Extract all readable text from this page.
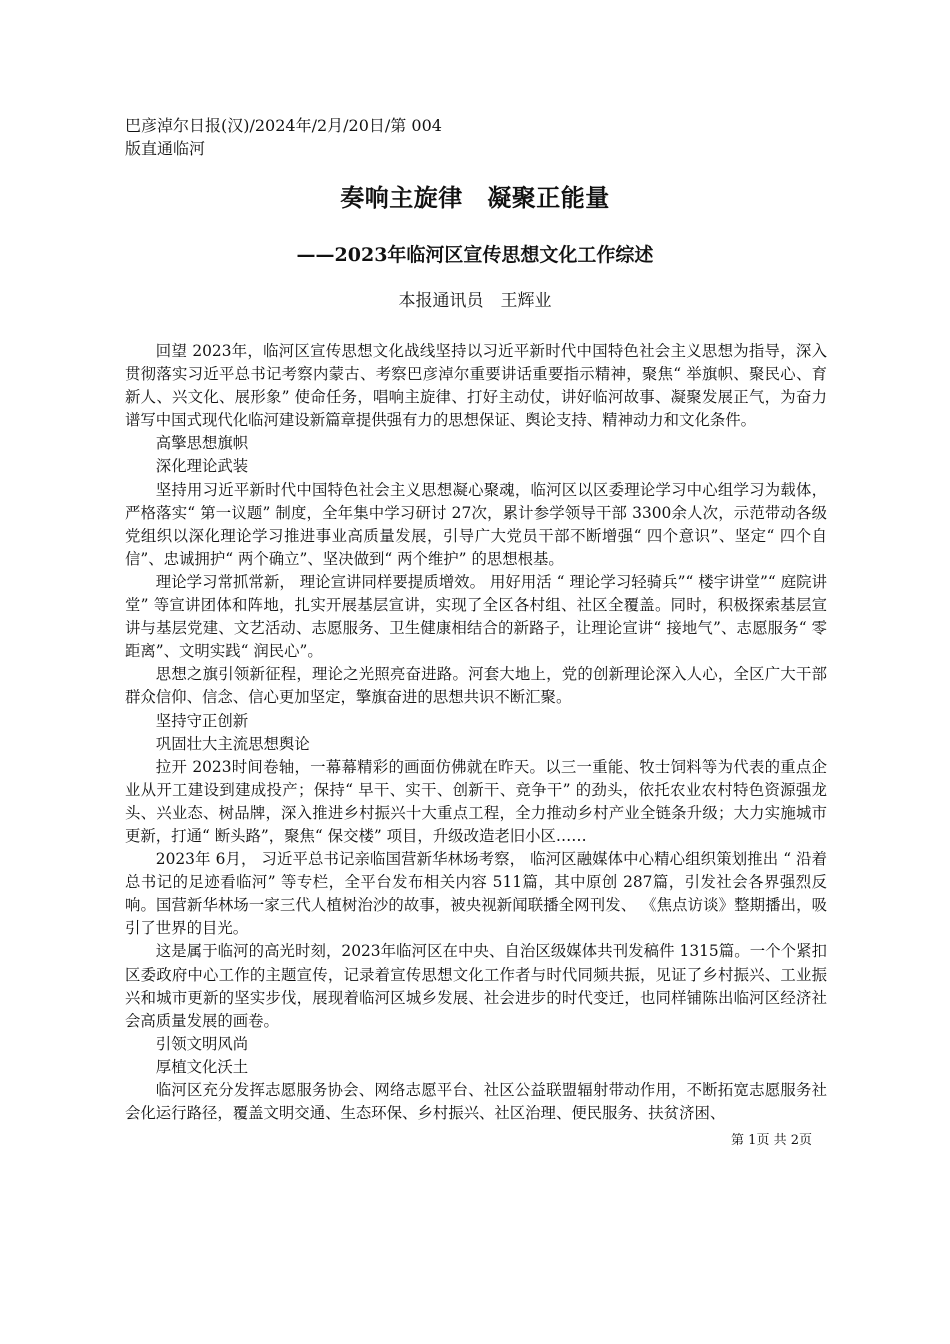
巴彦淖尔日报(汉)/2024年/2月/20日/第 004
版直通临河
奏响主旋律　凝聚正能量
——2023年临河区宣传思想文化工作综述
本报通讯员　王辉业

回望 2023年，临河区宣传思想文化战线坚持以习近平新时代中国特色社会主义思想为指导，深入贯彻落实习近平总书记考察内蒙古、考察巴彦淖尔重要讲话重要指示精神，聚焦“ 举旗帜、聚民心、育新人、兴文化、展形象” 使命任务，唱响主旋律、打好主动仗，讲好临河故事、凝聚发展正气，为奋力谱写中国式现代化临河建设新篇章提供强有力的思想保证、舆论支持、精神动力和文化条件。

高擎思想旗帜

深化理论武装

坚持用习近平新时代中国特色社会主义思想凝心聚魂，临河区以区委理论学习中心组学习为载体，严格落实“ 第一议题” 制度，全年集中学习研讨 27次，累计参学领导干部 3300余人次，示范带动各级党组织以深化理论学习推进事业高质量发展，引导广大党员干部不断增强“ 四个意识”、坚定“ 四个自信”、忠诚拥护“ 两个确立”、坚决做到“ 两个维护” 的思想根基。

理论学习常抓常新， 理论宣讲同样要提质增效。 用好用活 “ 理论学习轻骑兵”“ 楼宇讲堂”“ 庭院讲堂” 等宣讲团体和阵地，扎实开展基层宣讲，实现了全区各村组、社区全覆盖。同时，积极探索基层宣讲与基层党建、文艺活动、志愿服务、卫生健康相结合的新路子，让理论宣讲“ 接地气”、志愿服务“ 零距离”、文明实践“ 润民心”。

思想之旗引领新征程，理论之光照亮奋进路。河套大地上，党的创新理论深入人心，全区广大干部群众信仰、信念、信心更加坚定，擎旗奋进的思想共识不断汇聚。

坚持守正创新

巩固壮大主流思想舆论

拉开 2023时间卷轴，一幕幕精彩的画面仿佛就在昨天。以三一重能、牧士饲料等为代表的重点企业从开工建设到建成投产；保持“ 早干、实干、创新干、竞争干” 的劲头，依托农业农村特色资源强龙头、兴业态、树品牌，深入推进乡村振兴十大重点工程，全力推动乡村产业全链条升级；大力实施城市更新，打通“ 断头路”，聚焦“ 保交楼” 项目，升级改造老旧小区……

2023年 6月， 习近平总书记亲临国营新华林场考察， 临河区融媒体中心精心组织策划推出 “ 沿着总书记的足迹看临河” 等专栏，全平台发布相关内容 511篇，其中原创 287篇，引发社会各界强烈反响。国营新华林场一家三代人植树治沙的故事，被央视新闻联播全网刊发、 《焦点访谈》整期播出，吸引了世界的目光。

这是属于临河的高光时刻，2023年临河区在中央、自治区级媒体共刊发稿件 1315篇。一个个紧扣区委政府中心工作的主题宣传，记录着宣传思想文化工作者与时代同频共振，见证了乡村振兴、工业振兴和城市更新的坚实步伐，展现着临河区城乡发展、社会进步的时代变迁，也同样铺陈出临河区经济社会高质量发展的画卷。

引领文明风尚

厚植文化沃土

临河区充分发挥志愿服务协会、网络志愿平台、社区公益联盟辐射带动作用，不断拓宽志愿服务社会化运行路径，覆盖文明交通、生态环保、乡村振兴、社区治理、便民服务、扶贫济困、

第 1页 共 2页
